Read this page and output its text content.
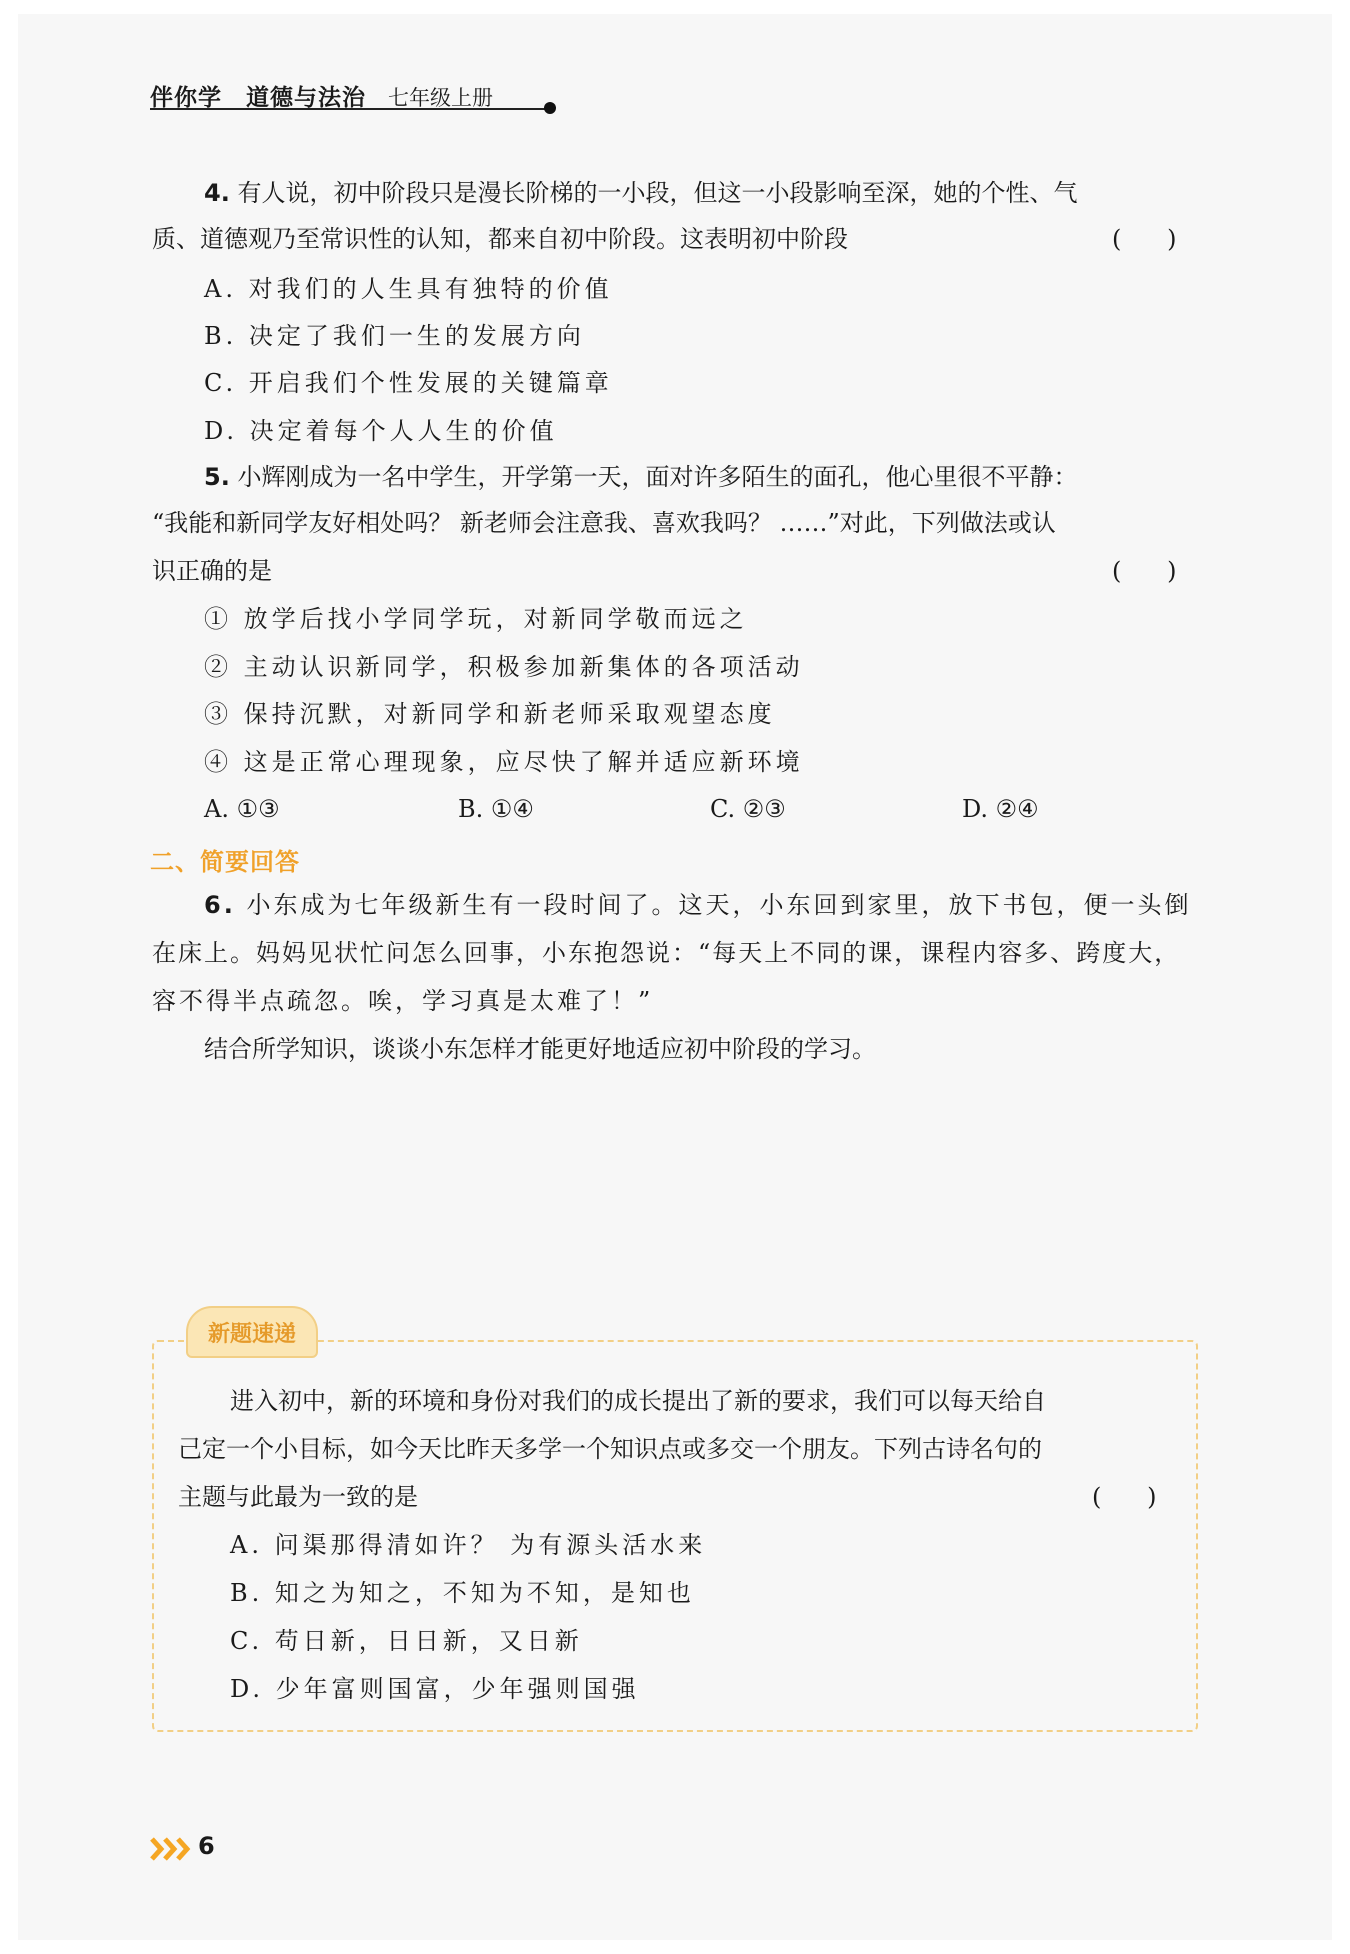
伴你学 道德与法治 七年级上册
4. 有人说，初中阶段只是漫长阶梯的一小段，但这一小段影响至深，她的个性、气
质、道德观乃至常识性的认知，都来自初中阶段。这表明初中阶段	(      )
A. 对我们的人生具有独特的价值
B. 决定了我们一生的发展方向
C. 开启我们个性发展的关键篇章
D. 决定着每个人人生的价值
5. 小辉刚成为一名中学生，开学第一天，面对许多陌生的面孔，他心里很不平静：
“我能和新同学友好相处吗？ 新老师会注意我、喜欢我吗？ ……”对此，下列做法或认
识正确的是	(      )
① 放学后找小学同学玩，对新同学敬而远之
② 主动认识新同学，积极参加新集体的各项活动
③ 保持沉默，对新同学和新老师采取观望态度
④ 这是正常心理现象，应尽快了解并适应新环境
A. ①③	B. ①④	C. ②③	D. ②④
二、简要回答
6. 小东成为七年级新生有一段时间了。这天，小东回到家里，放下书包，便一头倒
在床上。妈妈见状忙问怎么回事，小东抱怨说：“每天上不同的课，课程内容多、跨度大，
容不得半点疏忽。唉，学习真是太难了！”
结合所学知识，谈谈小东怎样才能更好地适应初中阶段的学习。
新题速递
进入初中，新的环境和身份对我们的成长提出了新的要求，我们可以每天给自
己定一个小目标，如今天比昨天多学一个知识点或多交一个朋友。下列古诗名句的
主题与此最为一致的是	(      )
A. 问渠那得清如许？ 为有源头活水来
B. 知之为知之，不知为不知，是知也
C. 苟日新，日日新，又日新
D. 少年富则国富，少年强则国强
6
